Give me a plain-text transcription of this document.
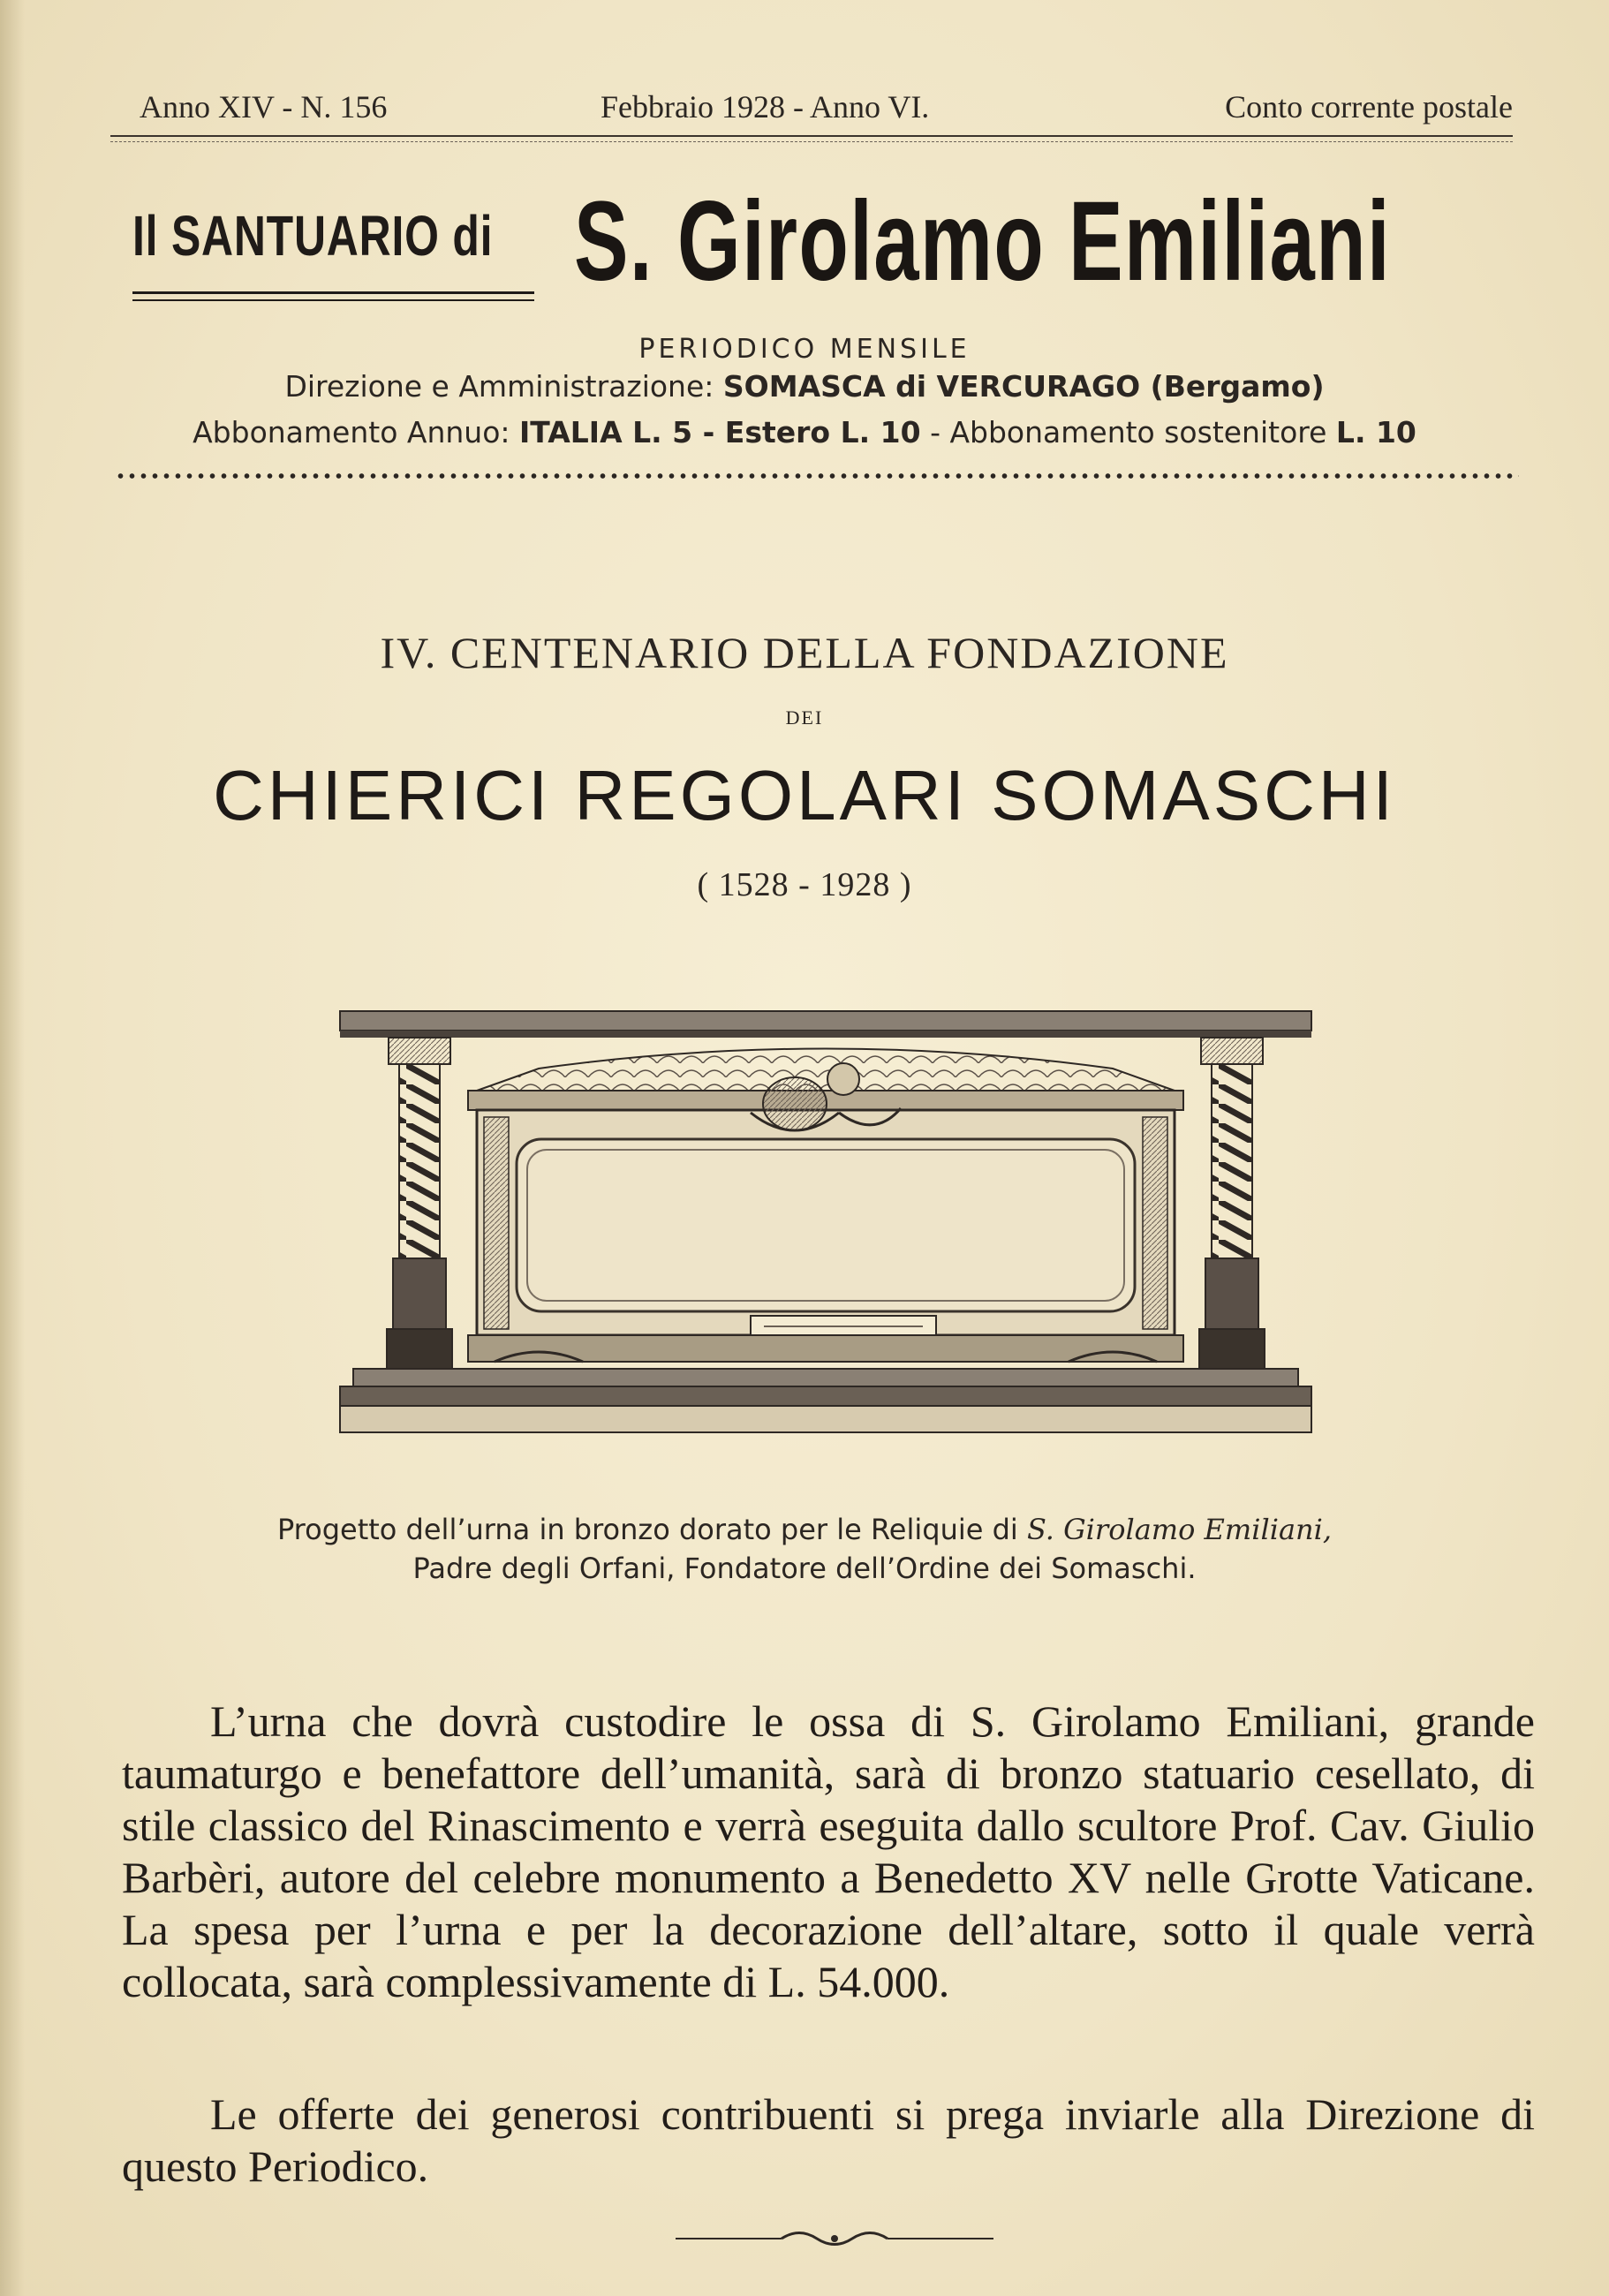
Anno XIV - N. 156	Febbraio 1928 - Anno VI.	Conto corrente postale
Il SANTUARIO di S. Girolamo Emiliani
PERIODICO MENSILE
Direzione e Amministrazione: SOMASCA di VERCURAGO (Bergamo)
Abbonamento Annuo: ITALIA L. 5 - Estero L. 10 - Abbonamento sostenitore L. 10
IV. CENTENARIO DELLA FONDAZIONE
DEI
CHIERICI REGOLARI SOMASCHI
( 1528 - 1928 )
Progetto dell’urna in bronzo dorato per le Reliquie di S. Girolamo Emiliani,
Padre degli Orfani, Fondatore dell’Ordine dei Somaschi.
L’urna che dovrà custodire le ossa di S. Girolamo Emiliani, grande taumaturgo e benefattore dell’umanità, sarà di bronzo statuario cesellato, di stile classico del Rinascimento e verrà eseguita dallo scultore Prof. Cav. Giulio Barbèri, autore del celebre monumento a Benedetto XV nelle Grotte Vaticane. La spesa per l’urna e per la decorazione dell’altare, sotto il quale verrà collocata, sarà complessivamente di L. 54.000.
Le offerte dei generosi contribuenti si prega inviarle alla Direzione di questo Periodico.
